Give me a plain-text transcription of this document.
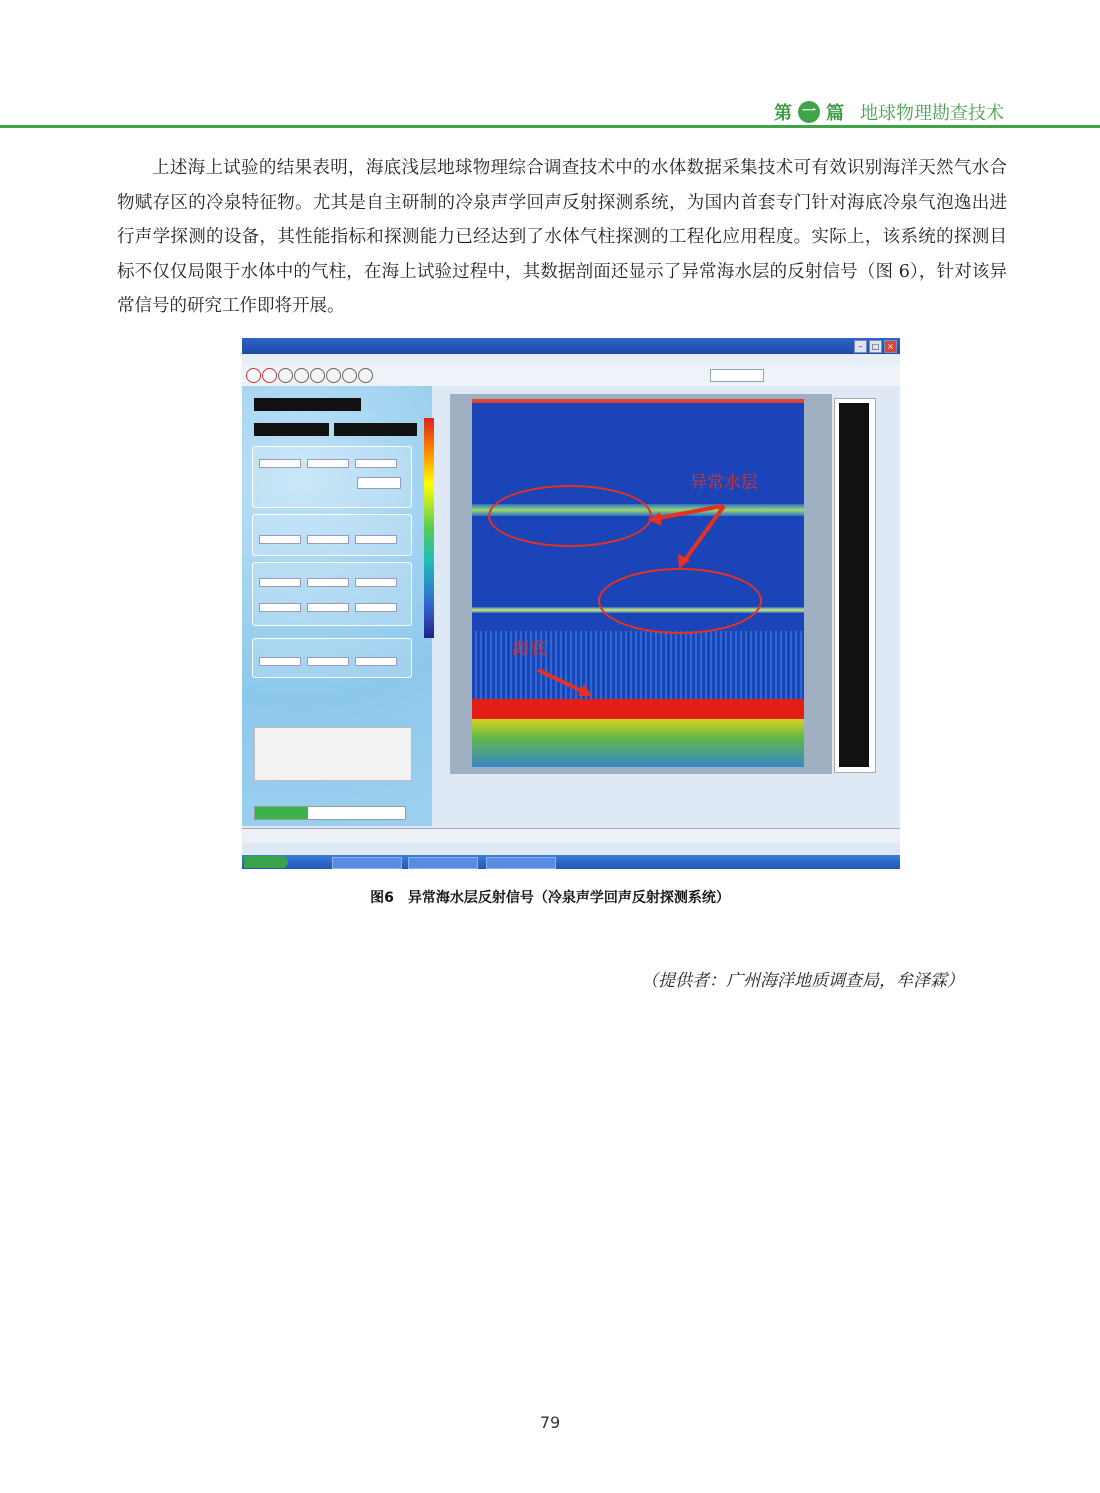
第 一 篇 地球物理勘查技术

上述海上试验的结果表明，海底浅层地球物理综合调查技术中的水体数据采集技术可有效识别海洋天然气水合物赋存区的冷泉特征物。尤其是自主研制的冷泉声学回声反射探测系统，为国内首套专门针对海底冷泉气泡逸出进行声学探测的设备，其性能指标和探测能力已经达到了水体气柱探测的工程化应用程度。实际上，该系统的探测目标不仅仅局限于水体中的气柱，在海上试验过程中，其数据剖面还显示了异常海水层的反射信号（图 6），针对该异常信号的研究工作即将开展。

–	□ ×
异常水层
海底
图6　异常海水层反射信号（冷泉声学回声反射探测系统）
（提供者：广州海洋地质调查局，牟泽霖）
79
